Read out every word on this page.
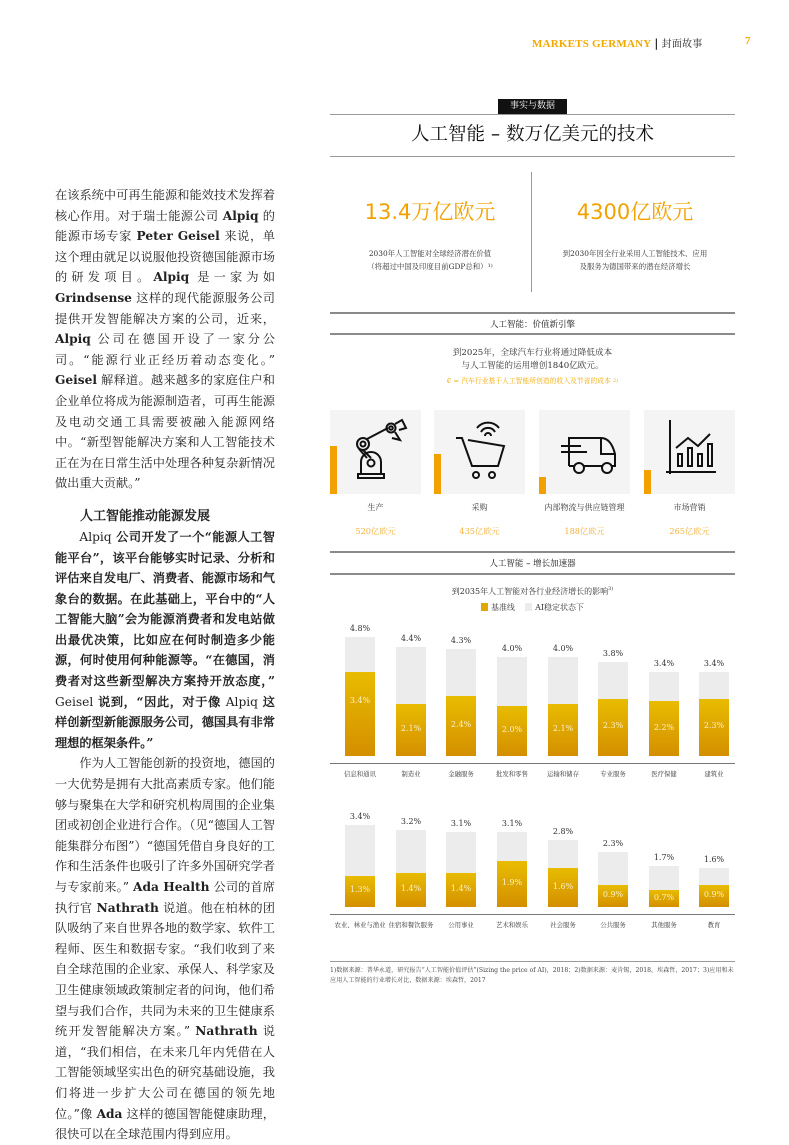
MARKETS GERMANY | 封面故事	7

在该系统中可再生能源和能效技术发挥着核心作用。对于瑞士能源公司 Alpiq 的能源市场专家 Peter Geisel 来说，单这个理由就足以说服他投资德国能源市场的研发项目。Alpiq 是一家为如 Grindsense 这样的现代能源服务公司提供开发智能解决方案的公司，近来，Alpiq 公司在德国开设了一家分公司。“能源行业正经历着动态变化。” Geisel 解释道。越来越多的家庭住户和企业单位将成为能源制造者，可再生能源及电动交通工具需要被融入能源网络中。“新型智能解决方案和人工智能技术正在为在日常生活中处理各种复杂新情况做出重大贡献。”

人工智能推动能源发展

Alpiq 公司开发了一个“能源人工智能平台”，该平台能够实时记录、分析和评估来自发电厂、消费者、能源市场和气象台的数据。在此基础上，平台中的“人工智能大脑”会为能源消费者和发电站做出最优决策，比如应在何时制造多少能源，何时使用何种能源等。“在德国，消费者对这些新型解决方案持开放态度，” Geisel 说到，“因此，对于像 Alpiq 这样创新型新能源服务公司，德国具有非常理想的框架条件。”

作为人工智能创新的投资地，德国的一大优势是拥有大批高素质专家。他们能够与聚集在大学和研究机构周围的企业集团或初创企业进行合作。（见“德国人工智能集群分布图”）“德国凭借自身良好的工作和生活条件也吸引了许多外国研究学者与专家前来。” Ada Health 公司的首席执行官 Nathrath 说道。他在柏林的团队吸纳了来自世界各地的数学家、软件工程师、医生和数据专家。“我们收到了来自全球范围的企业家、承保人、科学家及卫生健康领域政策制定者的问询，他们希望与我们合作，共同为未来的卫生健康系统开发智能解决方案。” Nathrath 说道，“我们相信，在未来几年内凭借在人工智能领域坚实出色的研究基础设施，我们将进一步扩大公司在德国的领先地位。”像 Ada 这样的德国智能健康助理，很快可以在全球范围内得到应用。

事实与数据
人工智能 – 数万亿美元的技术
13.4万亿欧元
2030年人工智能对全球经济潜在价值
（将超过中国及印度目前GDP总和）$^{1)}$
4300亿欧元
到2030年因全行业采用人工智能技术、应用
及服务为德国带来的潜在经济增长
人工智能：价值新引擎
到2025年，全球汽车行业将通过降低成本
与人工智能的运用增创1840亿欧元。
€ = 汽车行业基于人工智能所创造的收入及节省的成本 $^{2)}$
生产	采购	内部物流与供应链管理	市场营销
520亿欧元	435亿欧元	188亿欧元	265亿欧元
人工智能 – 增长加速器
到2035年人工智能对各行业经济增长的影响$^{3)}$
基准线	AI稳定状态下
4.8%
3.4%
信息和通讯
4.4%
2.1%
制造业
4.3%
2.4%
金融服务
4.0%
2.0%
批发和零售
4.0%
2.1%
运输和储存
3.8%
2.3%
专业服务
3.4%
2.2%
医疗保健
3.4%
2.3%
建筑业
3.4%
1.3%
农业、林业与渔业
3.2%
1.4%
住宿和餐饮服务
3.1%
1.4%
公用事业
3.1%
1.9%
艺术和娱乐
2.8%
1.6%
社会服务
2.3%
0.9%
公共服务
1.7%
0.7%
其他服务
1.6%
0.9%
教育
1)数据来源：普华永道，研究报告“人工智能价值评估”(Sizing the price of AI)，2018；2)数据来源：麦肯锡，2018，埃森哲，2017；3)应用和未应用人工智能的行业增长对比，数据来源：埃森哲，2017
